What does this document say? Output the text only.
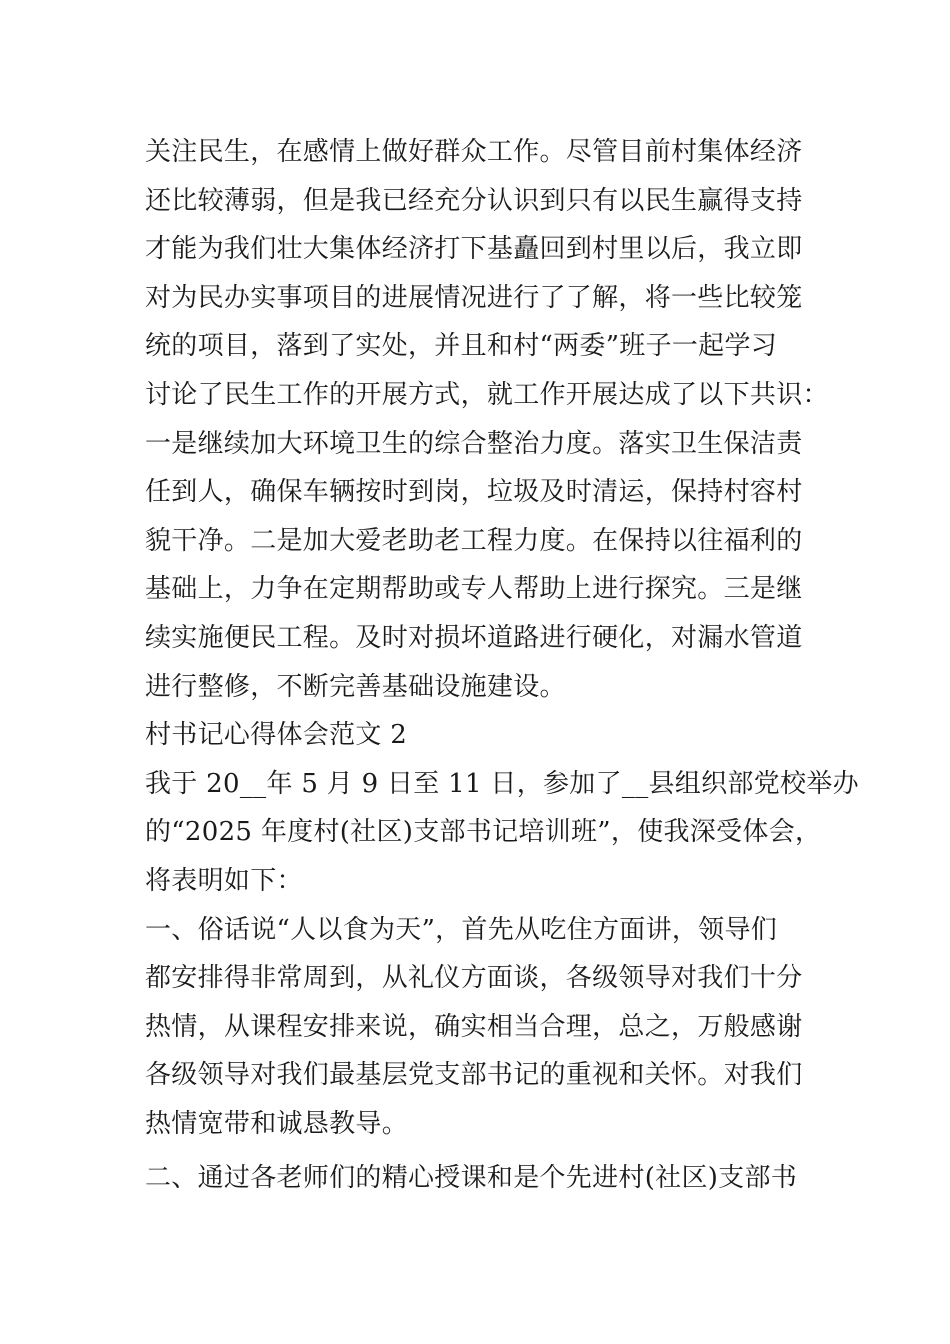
关注民生，在感情上做好群众工作。尽管目前村集体经济
还比较薄弱，但是我已经充分认识到只有以民生赢得支持
才能为我们壮大集体经济打下基矗回到村里以后，我立即
对为民办实事项目的进展情况进行了了解，将一些比较笼
统的项目，落到了实处，并且和村“两委”班子一起学习
讨论了民生工作的开展方式，就工作开展达成了以下共识：
一是继续加大环境卫生的综合整治力度。落实卫生保洁责
任到人，确保车辆按时到岗，垃圾及时清运，保持村容村
貌干净。二是加大爱老助老工程力度。在保持以往福利的
基础上，力争在定期帮助或专人帮助上进行探究。三是继
续实施便民工程。及时对损坏道路进行硬化，对漏水管道
进行整修，不断完善基础设施建设。
村书记心得体会范文 2
我于 20__年 5 月 9 日至 11 日，参加了__县组织部党校举办
的“2025 年度村(社区)支部书记培训班”，使我深受体会，
将表明如下：
一、俗话说“人以食为天”，首先从吃住方面讲，领导们
都安排得非常周到，从礼仪方面谈，各级领导对我们十分
热情，从课程安排来说，确实相当合理，总之，万般感谢
各级领导对我们最基层党支部书记的重视和关怀。对我们
热情宽带和诚恳教导。
二、通过各老师们的精心授课和是个先进村(社区)支部书
